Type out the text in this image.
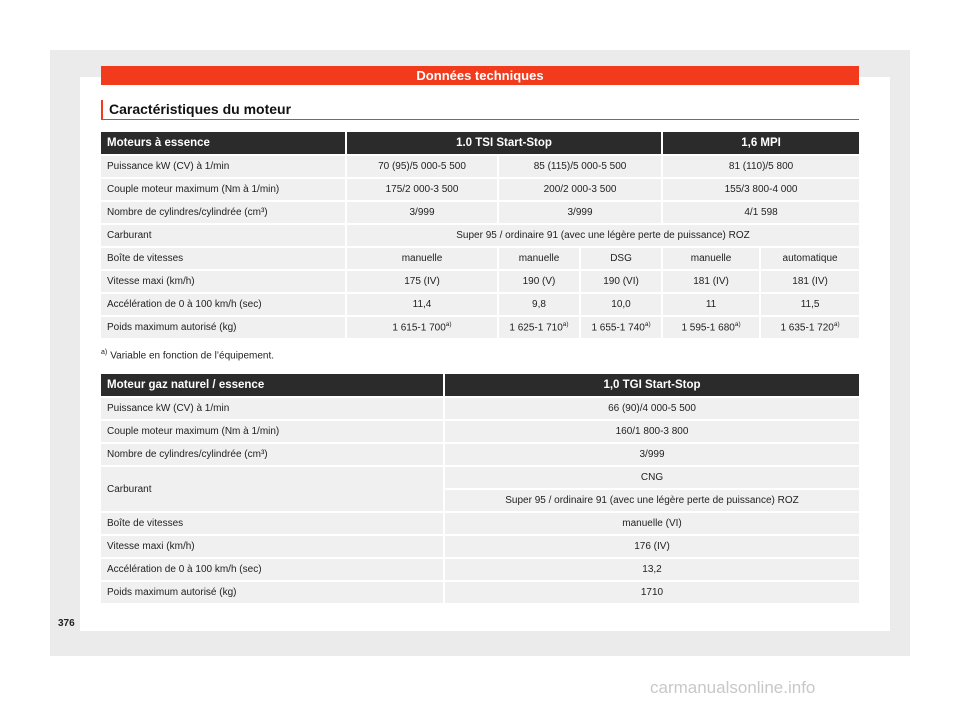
Données techniques
Caractéristiques du moteur
Moteurs à essence	1.0 TSI Start-Stop			1,6 MPI	
Puissance kW (CV) à 1/min	70 (95)/5 000-5 500	85 (115)/5 000-5 500		81 (110)/5 800	
Couple moteur maximum (Nm à 1/min)	175/2 000-3 500	200/2 000-3 500		155/3 800-4 000	
Nombre de cylindres/cylindrée (cm³)	3/999	3/999		4/1 598	
Carburant	Super 95 / ordinaire 91 (avec une légère perte de puissance) ROZ				
Boîte de vitesses	manuelle	manuelle	DSG	manuelle	automatique
Vitesse maxi (km/h)	175 (IV)	190 (V)	190 (VI)	181 (IV)	181 (IV)
Accélération de 0 à 100 km/h (sec)	11,4	9,8	10,0	11	11,5
Poids maximum autorisé (kg)	1 615-1 700$^{a)}$	1 625-1 710$^{a)}$	1 655-1 740$^{a)}$	1 595-1 680$^{a)}$	1 635-1 720$^{a)}$
$^{a)}$ Variable en fonction de l’équipement.
Moteur gaz naturel / essence	1,0 TGI Start-Stop
Puissance kW (CV) à 1/min	66 (90)/4 000-5 500
Couple moteur maximum (Nm à 1/min)	160/1 800-3 800
Nombre de cylindres/cylindrée (cm³)	3/999
Carburant	CNG
	Super 95 / ordinaire 91 (avec une légère perte de puissance) ROZ
Boîte de vitesses	manuelle (VI)
Vitesse maxi (km/h)	176 (IV)
Accélération de 0 à 100 km/h (sec)	13,2
Poids maximum autorisé (kg)	1710
376
carmanualsonline.info
